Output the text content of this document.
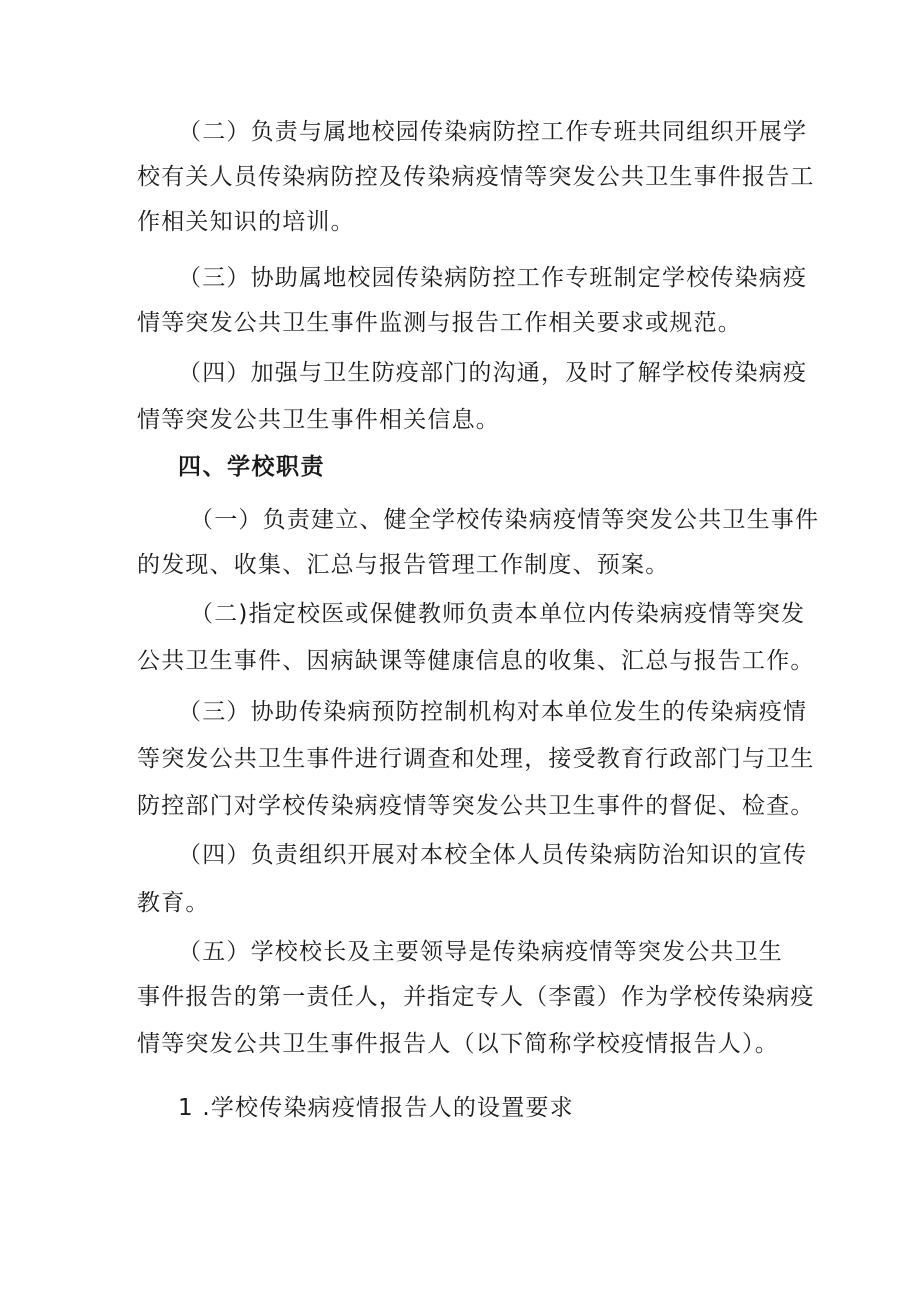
（二）负责与属地校园传染病防控工作专班共同组织开展学
校有关人员传染病防控及传染病疫情等突发公共卫生事件报告工
作相关知识的培训。
（三）协助属地校园传染病防控工作专班制定学校传染病疫
情等突发公共卫生事件监测与报告工作相关要求或规范。
（四）加强与卫生防疫部门的沟通，及时了解学校传染病疫
情等突发公共卫生事件相关信息。
四、学校职责
（一）负责建立、健全学校传染病疫情等突发公共卫生事件
的发现、收集、汇总与报告管理工作制度、预案。
（二)指定校医或保健教师负责本单位内传染病疫情等突发
公共卫生事件、因病缺课等健康信息的收集、汇总与报告工作。
（三）协助传染病预防控制机构对本单位发生的传染病疫情
等突发公共卫生事件进行调查和处理，接受教育行政部门与卫生
防控部门对学校传染病疫情等突发公共卫生事件的督促、检查。
（四）负责组织开展对本校全体人员传染病防治知识的宣传
教育。
（五）学校校长及主要领导是传染病疫情等突发公共卫生
事件报告的第一责任人，并指定专人（李霞）作为学校传染病疫
情等突发公共卫生事件报告人（以下简称学校疫情报告人）。
1 .学校传染病疫情报告人的设置要求
